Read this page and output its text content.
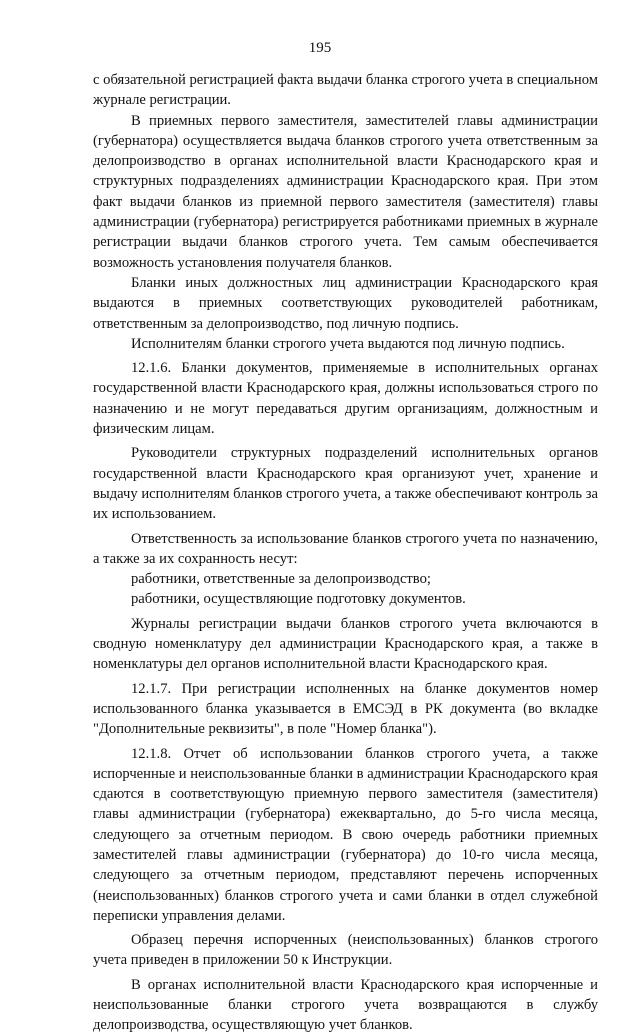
195

с обязательной регистрацией факта выдачи бланка строгого учета в специальном журнале регистрации.

В приемных первого заместителя, заместителей главы администрации (губернатора) осуществляется выдача бланков строгого учета ответственным за делопроизводство в органах исполнительной власти Краснодарского края и структурных подразделениях администрации Краснодарского края. При этом факт выдачи бланков из приемной первого заместителя (заместителя) главы администрации (губернатора) регистрируется работниками приемных в журнале регистрации выдачи бланков строгого учета. Тем самым обеспечивается возможность установления получателя бланков.

Бланки иных должностных лиц администрации Краснодарского края выдаются в приемных соответствующих руководителей работникам, ответственным за делопроизводство, под личную подпись.

Исполнителям бланки строгого учета выдаются под личную подпись.

12.1.6. Бланки документов, применяемые в исполнительных органах государственной власти Краснодарского края, должны использоваться строго по назначению и не могут передаваться другим организациям, должностным и физическим лицам.

Руководители структурных подразделений исполнительных органов государственной власти Краснодарского края организуют учет, хранение и выдачу исполнителям бланков строгого учета, а также обеспечивают контроль за их использованием.

Ответственность за использование бланков строгого учета по назначению, а также за их сохранность несут:

работники, ответственные за делопроизводство;

работники, осуществляющие подготовку документов.

Журналы регистрации выдачи бланков строгого учета включаются в сводную номенклатуру дел администрации Краснодарского края, а также в номенклатуры дел органов исполнительной власти Краснодарского края.

12.1.7. При регистрации исполненных на бланке документов номер использованного бланка указывается в ЕМСЭД в РК документа (во вкладке "Дополнительные реквизиты", в поле "Номер бланка").

12.1.8. Отчет об использовании бланков строгого учета, а также испорченные и неиспользованные бланки в администрации Краснодарского края сдаются в соответствующую приемную первого заместителя (заместителя) главы администрации (губернатора) ежеквартально, до 5-го числа месяца, следующего за отчетным периодом. В свою очередь работники приемных заместителей главы администрации (губернатора) до 10-го числа месяца, следующего за отчетным периодом, представляют перечень испорченных (неиспользованных) бланков строгого учета и сами бланки в отдел служебной переписки управления делами.

Образец перечня испорченных (неиспользованных) бланков строгого учета приведен в приложении 50 к Инструкции.

В органах исполнительной власти Краснодарского края испорченные и неиспользованные бланки строгого учета возвращаются в службу делопроизводства, осуществляющую учет бланков.
